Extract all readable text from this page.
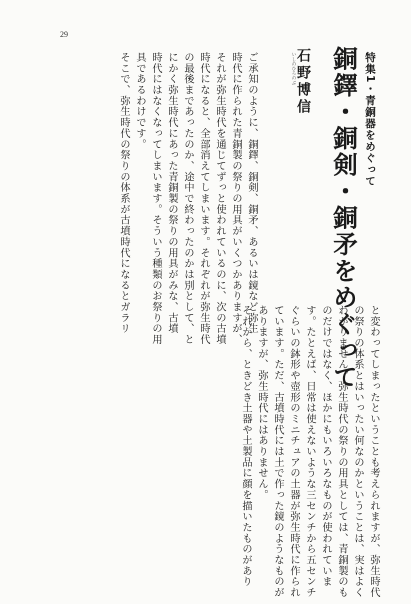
29
特集1・青銅器をめぐって
銅鐸・銅剣・銅矛をめぐって
いしのひろのぶ 石野博信
ご承知のように、銅鐸、銅剣、銅矛、あるいは鏡など弥生
時代に作られた青銅製の祭りの用具がいくつかありますが、
それが弥生時代を通じてずっと使われているのに、次の古墳
時代になると、全部消えてしまいます。それぞれが弥生時代
の最後まであったのか、途中で終わったのかは別として、と
にかく弥生時代にあった青銅製の祭りの用具がみな、古墳
時代にはなくなってしまいます。そういう種類のお祭りの用
具であるわけです。
そこで、弥生時代の祭りの体系が古墳時代になるとガラリ
と変わってしまったということも考えられますが、弥生時代
の祭りの体系とはいったい何なのかということは、実はよく
わかりません。弥生時代の祭りの用具としては、青銅製のも
のだけではなく、ほかにもいろいろなものが使われていま
す。たとえば、日常は使えないような三センチから五センチ
ぐらいの鉢形や壺形のミニチュアの土器が弥生時代に作られ
ています。ただ、古墳時代には土で作った鏡のようなものが
ありますが、弥生時代にはありません。
それから、ときどき土器や土製品に顔を描いたものがあり
